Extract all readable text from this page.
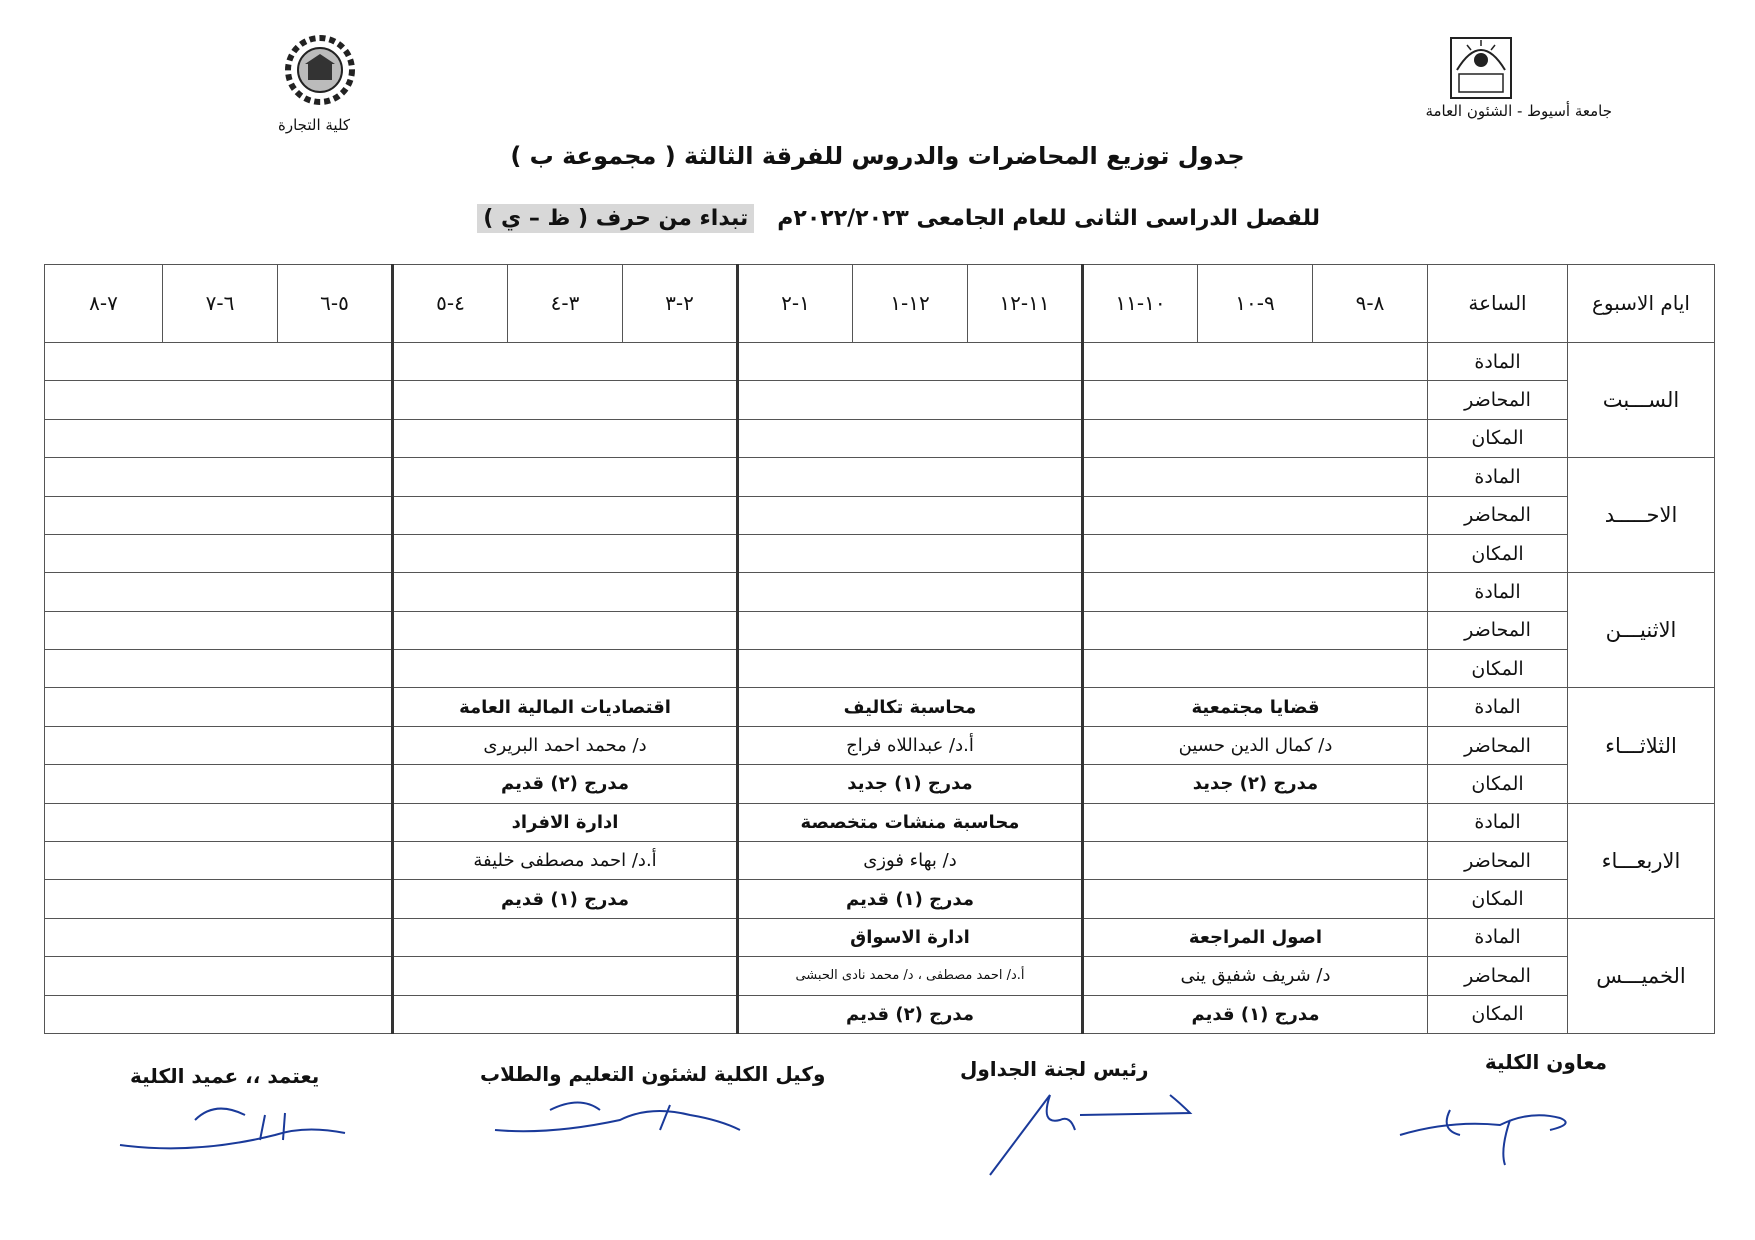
جامعة أسيوط - الشئون العامة
كلية التجارة
جدول توزيع المحاضرات والدروس للفرقة الثالثة ( مجموعة ب )
للفصل الدراسى الثانى للعام الجامعى ٢٠٢٢/٢٠٢٣م   تبداء من حرف ( ظ – ي )
ايام الاسبوع	الساعة	٨-٩	٩-١٠	١٠-١١	١١-١٢	١٢-١	١-٢	٢-٣	٣-٤	٤-٥	٥-٦	٦-٧	٧-٨
الســـبت	المادة												
	المحاضر												
	المكان												
الاحـــــد	المادة												
	المحاضر												
	المكان												
الاثنيـــن	المادة												
	المحاضر												
	المكان												
الثلاثـــاء	المادة	قضايا مجتمعية			محاسبة تكاليف			اقتصاديات المالية العامة					
	المحاضر	د/ كمال الدين حسين			أ.د/ عبداللاه فراج			د/ محمد احمد البريرى					
	المكان	مدرج (٢) جديد			مدرج (١) جديد			مدرج (٢) قديم					
الاربعـــاء	المادة				محاسبة منشات متخصصة			ادارة الافراد					
	المحاضر				د/ بهاء فوزى			أ.د/ احمد مصطفى خليفة					
	المكان				مدرج (١) قديم			مدرج (١) قديم					
الخميـــس	المادة	اصول المراجعة			ادارة الاسواق								
	المحاضر	د/ شريف شفيق ينى			أ.د/ احمد مصطفى ، د/ محمد نادى الحبشى								
	المكان	مدرج (١) قديم			مدرج (٢) قديم								
معاون الكلية
رئيس لجنة الجداول
وكيل الكلية لشئون التعليم والطلاب
يعتمد ،، عميد الكلية
